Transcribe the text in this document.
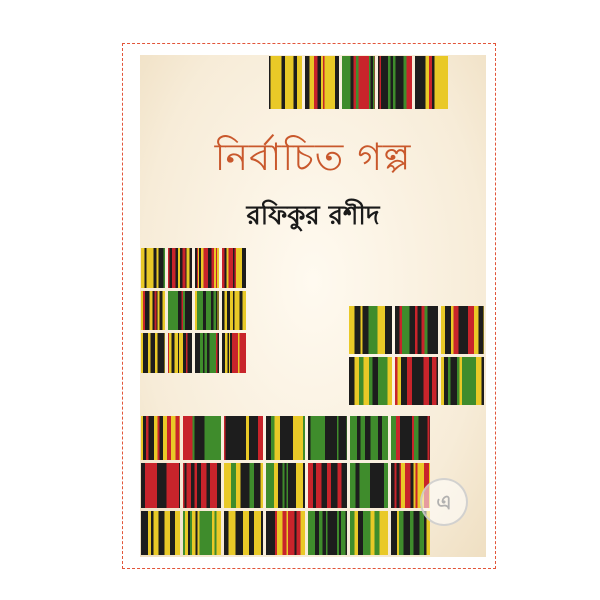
নির্বাচিত গল্প
রফিকুর রশীদ
এ
